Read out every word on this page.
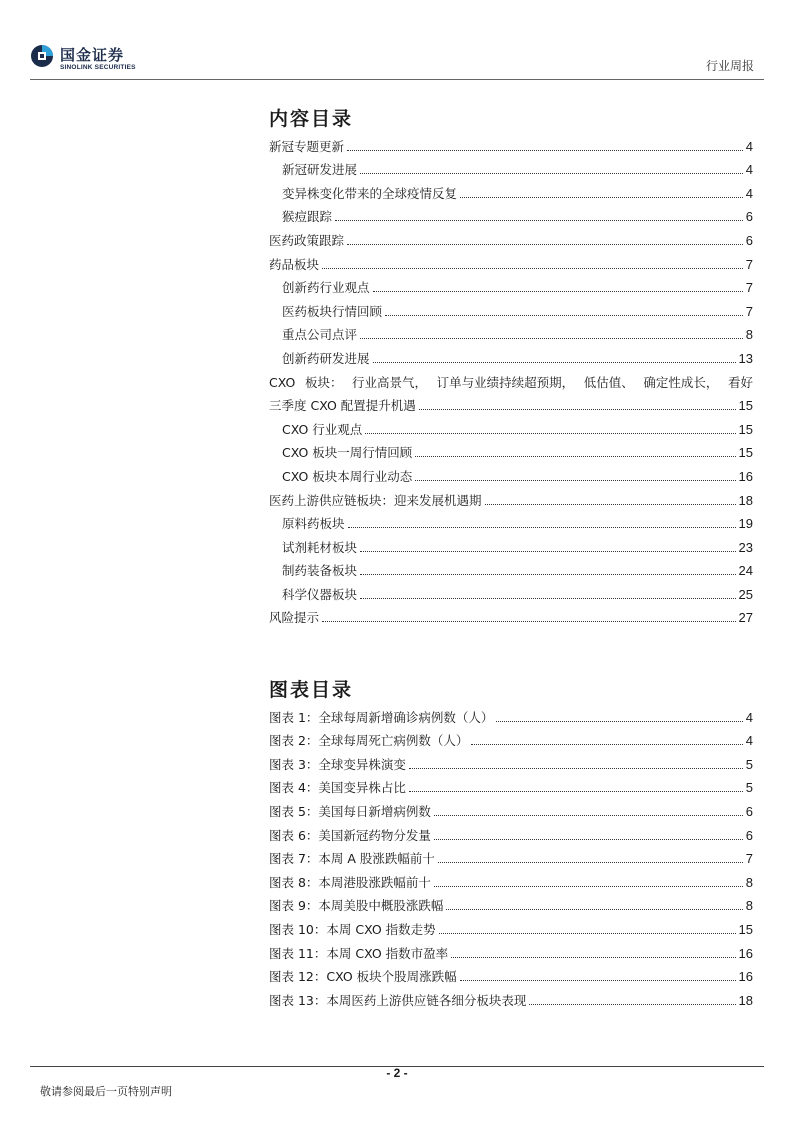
国金证券
SINOLINK SECURITIES	行业周报
内容目录
新冠专题更新	4
新冠研发进展	4
变异株变化带来的全球疫情反复	4
猴痘跟踪	6
医药政策跟踪	6
药品板块	7
创新药行业观点	7
医药板块行情回顾	7
重点公司点评	8
创新药研发进展	13
CXO 板块： 行业高景气， 订单与业绩持续超预期， 低估值、 确定性成长， 看好
三季度 CXO 配置提升机遇	15
CXO 行业观点	15
CXO 板块一周行情回顾	15
CXO 板块本周行业动态	16
医药上游供应链板块：迎来发展机遇期	18
原料药板块	19
试剂耗材板块	23
制药装备板块	24
科学仪器板块	25
风险提示	27
图表目录
图表 1：全球每周新增确诊病例数（人）	4
图表 2：全球每周死亡病例数（人）	4
图表 3：全球变异株演变	5
图表 4：美国变异株占比	5
图表 5：美国每日新增病例数	6
图表 6：美国新冠药物分发量	6
图表 7：本周 A 股涨跌幅前十	7
图表 8：本周港股涨跌幅前十	8
图表 9：本周美股中概股涨跌幅	8
图表 10：本周 CXO 指数走势	15
图表 11：本周 CXO 指数市盈率	16
图表 12：CXO 板块个股周涨跌幅	16
图表 13：本周医药上游供应链各细分板块表现	18
- 2 -
敬请参阅最后一页特别声明
